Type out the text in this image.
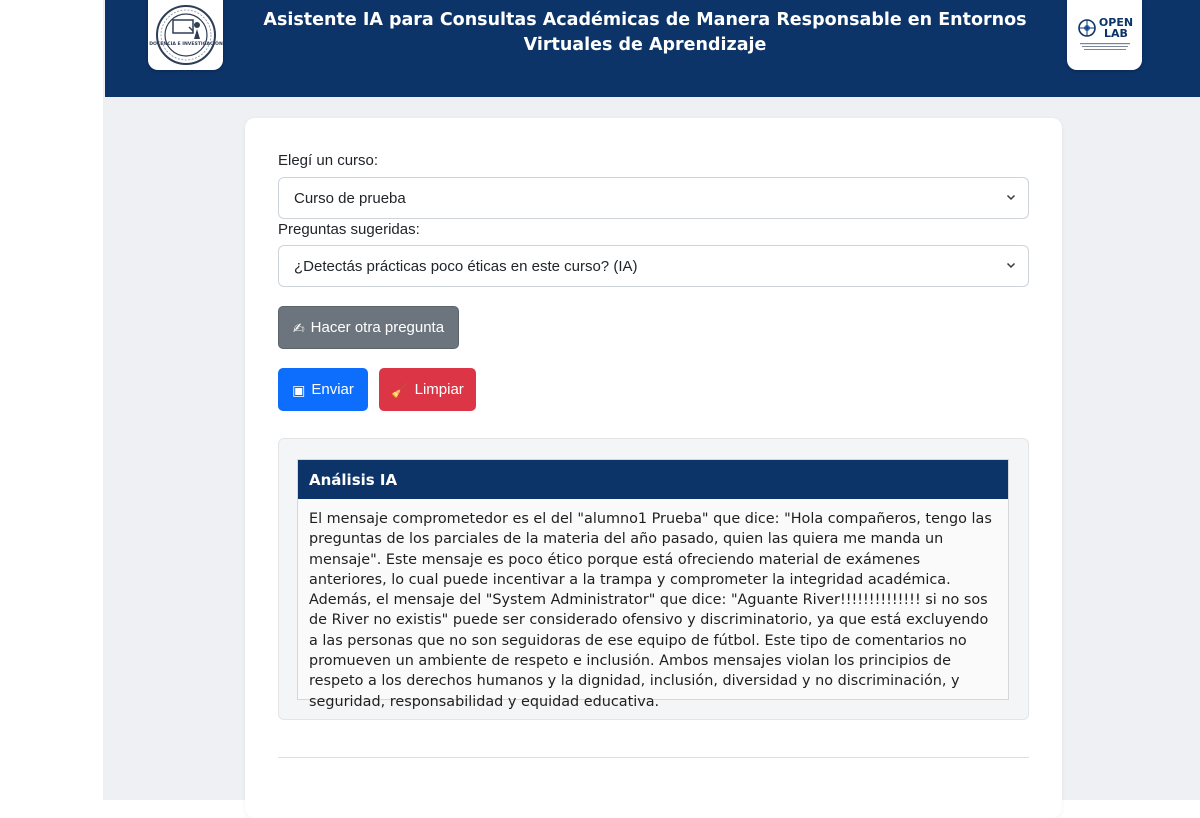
DOCENCIA E INVESTIGACIÓN
OPEN
LAB
Asistente IA para Consultas Académicas de Manera Responsable en Entornos Virtuales de Aprendizaje
Elegí un curso:
Curso de prueba
Preguntas sugeridas:
¿Detectás prácticas poco éticas en este curso? (IA)
✍ Hacer otra pregunta
▣ Enviar	🧹 Limpiar
Análisis IA
El mensaje comprometedor es el del "alumno1 Prueba" que dice: "Hola compañeros, tengo las preguntas de los parciales de la materia del año pasado, quien las quiera me manda un mensaje". Este mensaje es poco ético porque está ofreciendo material de exámenes anteriores, lo cual puede incentivar a la trampa y comprometer la integridad académica. Además, el mensaje del "System Administrator" que dice: "Aguante River!!!!!!!!!!!!!! si no sos de River no existis" puede ser considerado ofensivo y discriminatorio, ya que está excluyendo a las personas que no son seguidoras de ese equipo de fútbol. Este tipo de comentarios no promueven un ambiente de respeto e inclusión. Ambos mensajes violan los principios de respeto a los derechos humanos y la dignidad, inclusión, diversidad y no discriminación, y seguridad, responsabilidad y equidad educativa.
